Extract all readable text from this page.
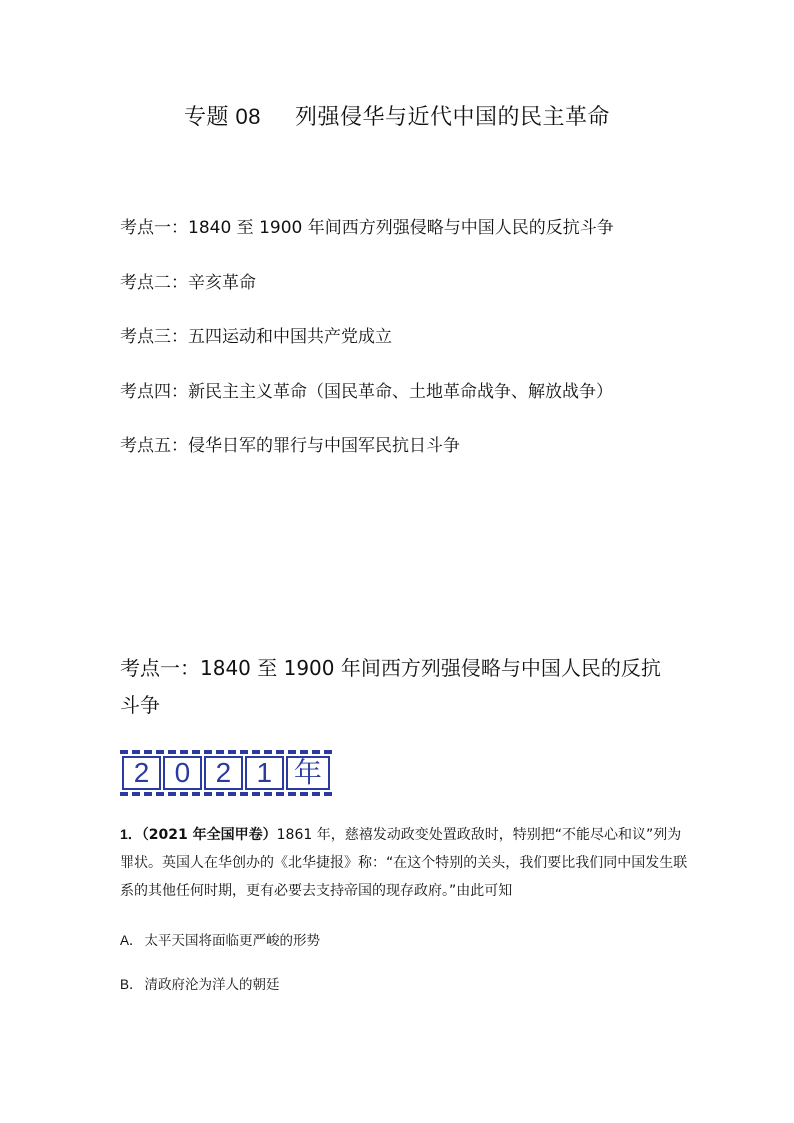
专题 08 列强侵华与近代中国的民主革命
考点一：1840 至 1900 年间西方列强侵略与中国人民的反抗斗争
考点二：辛亥革命
考点三：五四运动和中国共产党成立
考点四：新民主主义革命（国民革命、土地革命战争、解放战争）
考点五：侵华日军的罪行与中国军民抗日斗争
考点一：1840 至 1900 年间西方列强侵略与中国人民的反抗斗争
2 0 2 1 年
1．（2021 年全国甲卷）1861 年，慈禧发动政变处置政敌时，特别把“不能尽心和议”列为罪状。英国人在华创办的《北华捷报》称：“在这个特别的关头，我们要比我们同中国发生联系的其他任何时期，更有必要去支持帝国的现存政府。”由此可知
A． 太平天国将面临更严峻的形势
B． 清政府沦为洋人的朝廷
